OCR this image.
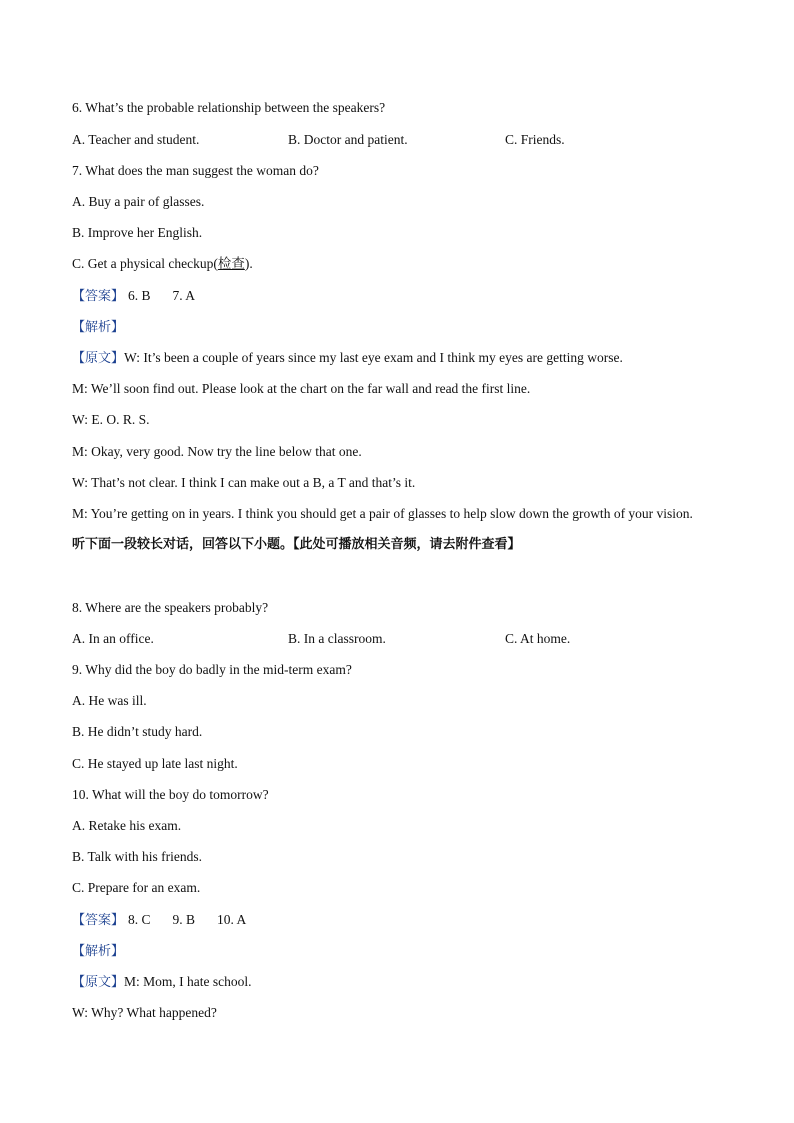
6. What’s the probable relationship between the speakers?
A. Teacher and student.	B. Doctor and patient.	C. Friends.
7. What does the man suggest the woman do?
A. Buy a pair of glasses.
B. Improve her English.
C. Get a physical checkup(检查).
【答案】 6. B 7. A
【解析】
【原文】W: It’s been a couple of years since my last eye exam and I think my eyes are getting worse.
M: We’ll soon find out. Please look at the chart on the far wall and read the first line.
W: E. O. R. S.
M: Okay, very good. Now try the line below that one.
W: That’s not clear. I think I can make out a B, a T and that’s it.
M: You’re getting on in years. I think you should get a pair of glasses to help slow down the growth of your vision.
听下面一段较长对话，回答以下小题。【此处可播放相关音频，请去附件查看】
8. Where are the speakers probably?
A. In an office.	B. In a classroom.	C. At home.
9. Why did the boy do badly in the mid-term exam?
A. He was ill.
B. He didn’t study hard.
C. He stayed up late last night.
10. What will the boy do tomorrow?
A. Retake his exam.
B. Talk with his friends.
C. Prepare for an exam.
【答案】 8. C 9. B 10. A
【解析】
【原文】M: Mom, I hate school.
W: Why? What happened?
